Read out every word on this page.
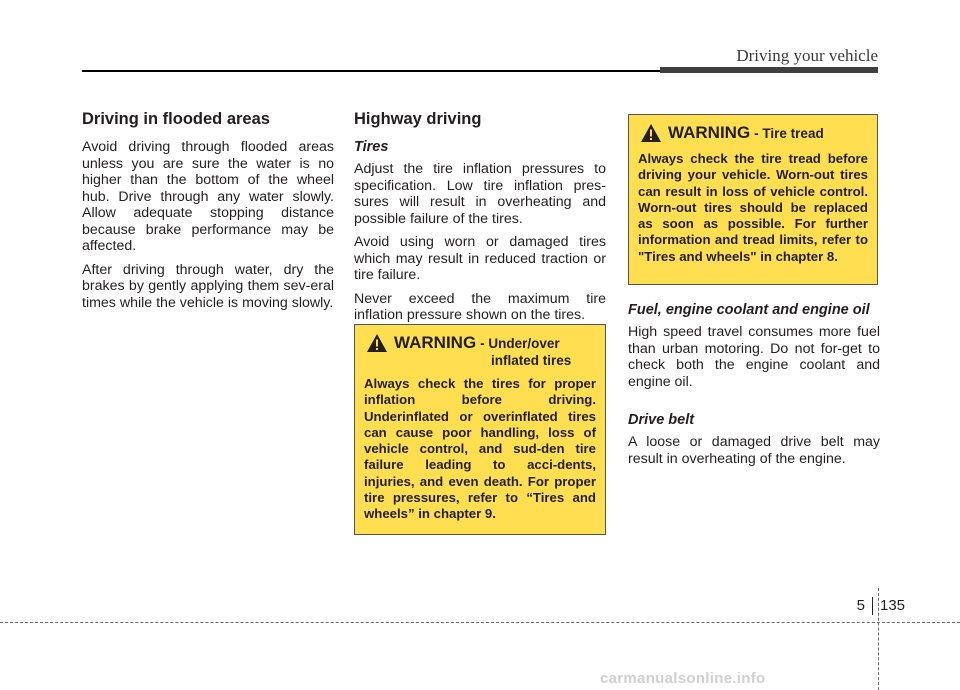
Driving your vehicle
Driving in flooded areas

Avoid driving through flooded areas unless you are sure the water is no higher than the bottom of the wheel hub. Drive through any water slowly. Allow adequate stopping distance because brake performance may be affected.

After driving through water, dry the brakes by gently applying them sev-eral times while the vehicle is moving slowly.

Highway driving
Tires

Adjust the tire inflation pressures to specification. Low tire inflation pres-sures will result in overheating and possible failure of the tires.

Avoid using worn or damaged tires which may result in reduced traction or tire failure.

Never exceed the maximum tire inflation pressure shown on the tires.

WARNING - Under/over
inflated tires

Always check the tires for proper inflation before driving. Underinflated or overinflated tires can cause poor handling, loss of vehicle control, and sud-den tire failure leading to acci-dents, injuries, and even death. For proper tire pressures, refer to “Tires and wheels” in chapter 9.

WARNING - Tire tread

Always check the tire tread before driving your vehicle. Worn-out tires can result in loss of vehicle control. Worn-out tires should be replaced as soon as possible. For further information and tread limits, refer to "Tires and wheels" in chapter 8.

Fuel, engine coolant and engine oil

High speed travel consumes more fuel than urban motoring. Do not for-get to check both the engine coolant and engine oil.

Drive belt

A loose or damaged drive belt may result in overheating of the engine.

5 135
carmanualsonline.info
